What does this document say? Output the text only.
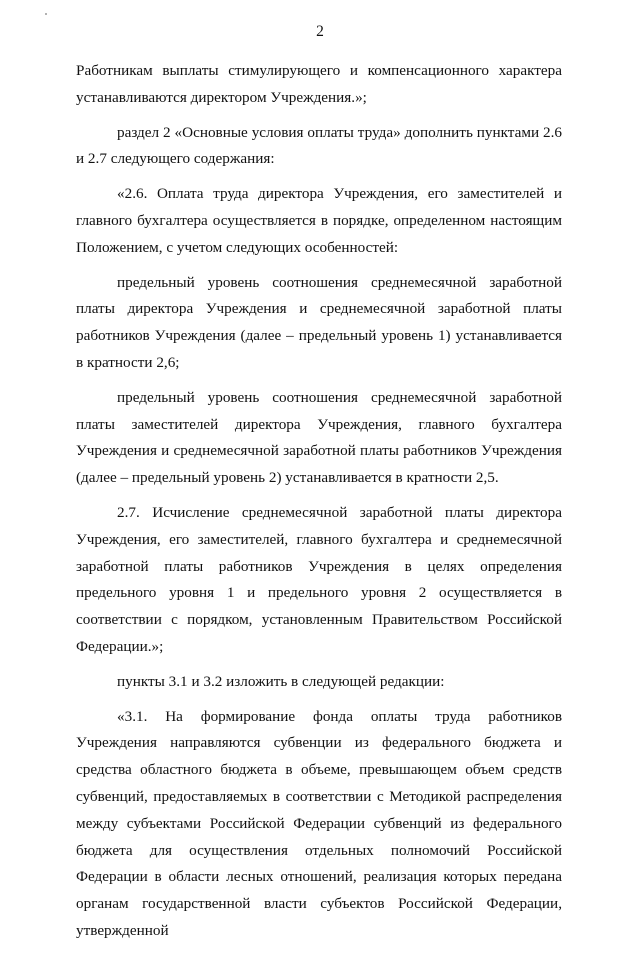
2

Работникам выплаты стимулирующего и компенсационного характера устанавливаются директором Учреждения.»;

раздел 2 «Основные условия оплаты труда» дополнить пунктами 2.6 и 2.7 следующего содержания:

«2.6. Оплата труда директора Учреждения, его заместителей и главного бухгалтера осуществляется в порядке, определенном настоящим Положением, с учетом следующих особенностей:

предельный уровень соотношения среднемесячной заработной платы директора Учреждения и среднемесячной заработной платы работников Учреждения (далее – предельный уровень 1) устанавливается в кратности 2,6;

предельный уровень соотношения среднемесячной заработной платы заместителей директора Учреждения, главного бухгалтера Учреждения и среднемесячной заработной платы работников Учреждения (далее – предельный уровень 2) устанавливается в кратности 2,5.

2.7. Исчисление среднемесячной заработной платы директора Учреждения, его заместителей, главного бухгалтера и среднемесячной заработной платы работников Учреждения в целях определения предельного уровня 1 и предельного уровня 2 осуществляется в соответствии с порядком, установленным Правительством Российской Федерации.»;

пункты 3.1 и 3.2 изложить в следующей редакции:

«3.1. На формирование фонда оплаты труда работников Учреждения направляются субвенции из федерального бюджета и средства областного бюджета в объеме, превышающем объем средств субвенций, предоставляемых в соответствии с Методикой распределения между субъектами Российской Федерации субвенций из федерального бюджета для осуществления отдельных полномочий Российской Федерации в области лесных отношений, реализация которых передана органам государственной власти субъектов Российской Федерации, утвержденной
